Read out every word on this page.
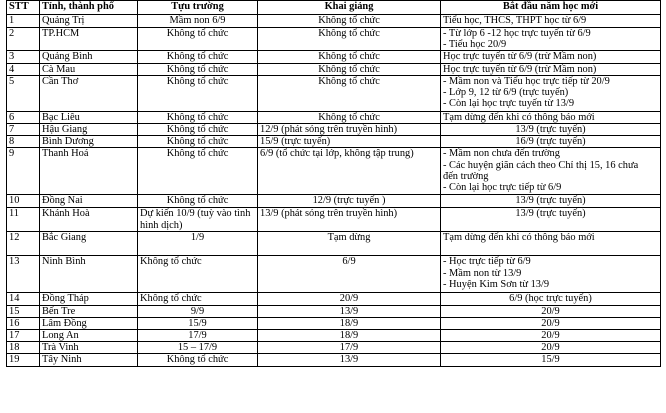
STT	Tỉnh, thành phố	Tựu trường	Khai giảng	Bắt đầu năm học mới
1	Quảng Trị	Mầm non 6/9	Không tổ chức	Tiểu học, THCS, THPT học từ 6/9

2	TP.HCM	Không tổ chức	Không tổ chức	- Từ lớp 6 -12 học trực tuyến từ 6/9
- Tiểu học 20/9

3	Quảng Bình	Không tổ chức	Không tổ chức	Học trực tuyến từ 6/9 (trừ Mầm non)

4	Cà Mau	Không tổ chức	Không tổ chức	Học trực tuyến từ 6/9 (trừ Mầm non)

5	Cần Thơ	Không tổ chức	Không tổ chức	- Mầm non và Tiểu học trực tiếp từ 20/9
- Lớp 9, 12 từ 6/9 (trực tuyến)
- Còn lại học trực tuyến từ 13/9

6	Bạc Liêu	Không tổ chức	Không tổ chức	Tạm dừng đến khi có thông báo mới

7	Hậu Giang	Không tổ chức	12/9 (phát sóng trên truyền hình)	13/9 (trực tuyến)

8	Bình Dương	Không tổ chức	15/9 (trực tuyến)	16/9 (trực tuyến)

9	Thanh Hoá	Không tổ chức	6/9 (tổ chức tại lớp, không tập trung)	- Mầm non chưa đến trường
- Các huyện giãn cách theo Chỉ thị 15, 16 chưa
đến trường
- Còn lại học trực tiếp từ 6/9

10	Đồng Nai	Không tổ chức	12/9 (trực tuyến )	13/9 (trực tuyến)

11	Khánh Hoà	Dự kiến 10/9 (tuỳ vào tình hình dịch)	13/9 (phát sóng trên truyền hình)	13/9 (trực tuyến)

12	Bắc Giang	1/9	Tạm dừng	Tạm dừng đến khi có thông báo mới

13	Ninh Bình	Không tổ chức	6/9	- Học trực tiếp từ 6/9
- Mầm non từ 13/9
- Huyện Kim Sơn từ 13/9

14	Đồng Tháp	Không tổ chức	20/9	6/9 (học trực tuyến)

15	Bến Tre	9/9	13/9	20/9

16	Lâm Đồng	15/9	18/9	20/9

17	Long An	17/9	18/9	20/9

18	Trà Vinh	15 – 17/9	17/9	20/9

19	Tây Ninh	Không tổ chức	13/9	15/9
